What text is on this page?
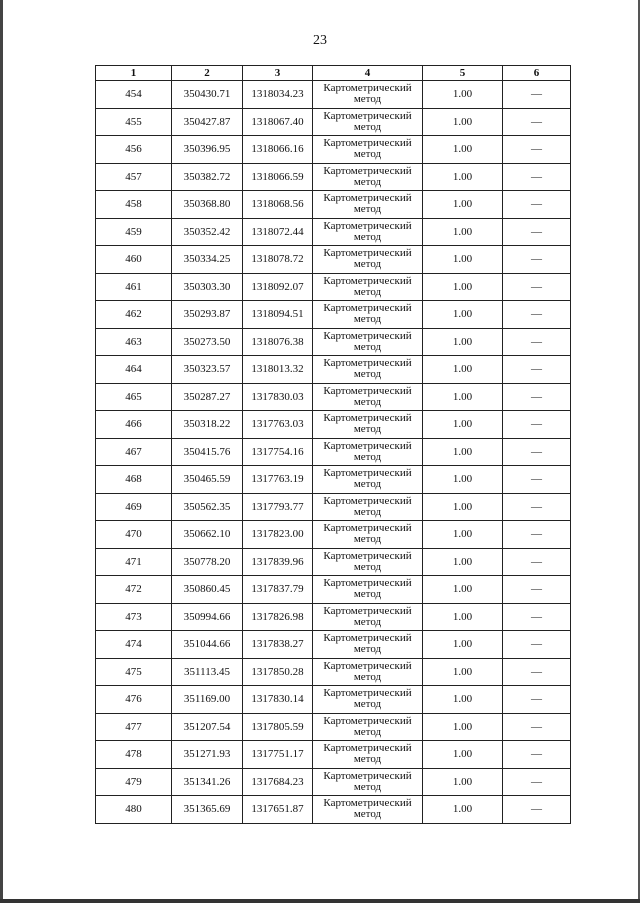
23
1	2	3	4	5	6
454	350430.71	1318034.23	Картометрический метод	1.00	—
455	350427.87	1318067.40	Картометрический метод	1.00	—
456	350396.95	1318066.16	Картометрический метод	1.00	—
457	350382.72	1318066.59	Картометрический метод	1.00	—
458	350368.80	1318068.56	Картометрический метод	1.00	—
459	350352.42	1318072.44	Картометрический метод	1.00	—
460	350334.25	1318078.72	Картометрический метод	1.00	—
461	350303.30	1318092.07	Картометрический метод	1.00	—
462	350293.87	1318094.51	Картометрический метод	1.00	—
463	350273.50	1318076.38	Картометрический метод	1.00	—
464	350323.57	1318013.32	Картометрический метод	1.00	—
465	350287.27	1317830.03	Картометрический метод	1.00	—
466	350318.22	1317763.03	Картометрический метод	1.00	—
467	350415.76	1317754.16	Картометрический метод	1.00	—
468	350465.59	1317763.19	Картометрический метод	1.00	—
469	350562.35	1317793.77	Картометрический метод	1.00	—
470	350662.10	1317823.00	Картометрический метод	1.00	—
471	350778.20	1317839.96	Картометрический метод	1.00	—
472	350860.45	1317837.79	Картометрический метод	1.00	—
473	350994.66	1317826.98	Картометрический метод	1.00	—
474	351044.66	1317838.27	Картометрический метод	1.00	—
475	351113.45	1317850.28	Картометрический метод	1.00	—
476	351169.00	1317830.14	Картометрический метод	1.00	—
477	351207.54	1317805.59	Картометрический метод	1.00	—
478	351271.93	1317751.17	Картометрический метод	1.00	—
479	351341.26	1317684.23	Картометрический метод	1.00	—
480	351365.69	1317651.87	Картометрический метод	1.00	—
